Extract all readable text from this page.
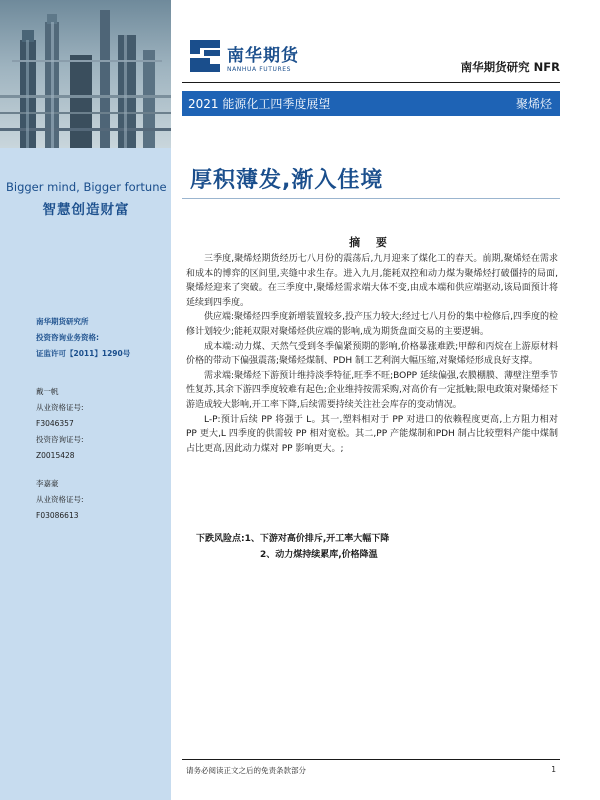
Bigger mind, Bigger fortune
智慧创造财富
南华期货研究所
投资咨询业务资格:
证监许可【2011】1290号
戴一帆
从业资格证号:
F3046357
投资咨询证号:
Z0015428
李嘉豪
从业资格证号:
F03086613
南华期货
NANHUA FUTURES	南华期货研究 NFR
2021 能源化工四季度展望	聚烯烃
厚积薄发,渐入佳境
摘 要

三季度,聚烯烃期货经历七八月份的震荡后,九月迎来了煤化工的春天。前期,聚烯烃在需求和成本的博弈的区间里,夹缝中求生存。进入九月,能耗双控和动力煤为聚烯烃打破僵持的局面,聚烯烃迎来了突破。在三季度中,聚烯烃需求端大体不变,由成本端和供应端驱动,该局面预计将延续到四季度。

供应端:聚烯烃四季度新增装置较多,投产压力较大;经过七八月份的集中检修后,四季度的检修计划较少;能耗双限对聚烯烃供应端的影响,成为期货盘面交易的主要逻辑。

成本端:动力煤、天然气受到冬季偏紧预期的影响,价格暴涨难跌;甲醇和丙烷在上游原材料价格的带动下偏强震荡;聚烯烃煤制、PDH 制工艺利润大幅压缩,对聚烯烃形成良好支撑。

需求端:聚烯烃下游预计维持淡季特征,旺季不旺;BOPP 延续偏强,农膜棚膜、薄壁注塑季节性复苏,其余下游四季度较难有起色;企业维持按需采购,对高价有一定抵触;限电政策对聚烯烃下游造成较大影响,开工率下降,后续需要持续关注社会库存的变动情况。

L-P:预计后续 PP 将强于 L。其一,塑料相对于 PP 对进口的依赖程度更高,上方阻力相对 PP 更大,L 四季度的供需较 PP 相对宽松。其二,PP 产能煤制和PDH 制占比较塑料产能中煤制占比更高,因此动力煤对 PP 影响更大。;

下跌风险点:1、下游对高价排斥,开工率大幅下降
2、动力煤持续累库,价格降温
请务必阅读正文之后的免责条款部分	1
